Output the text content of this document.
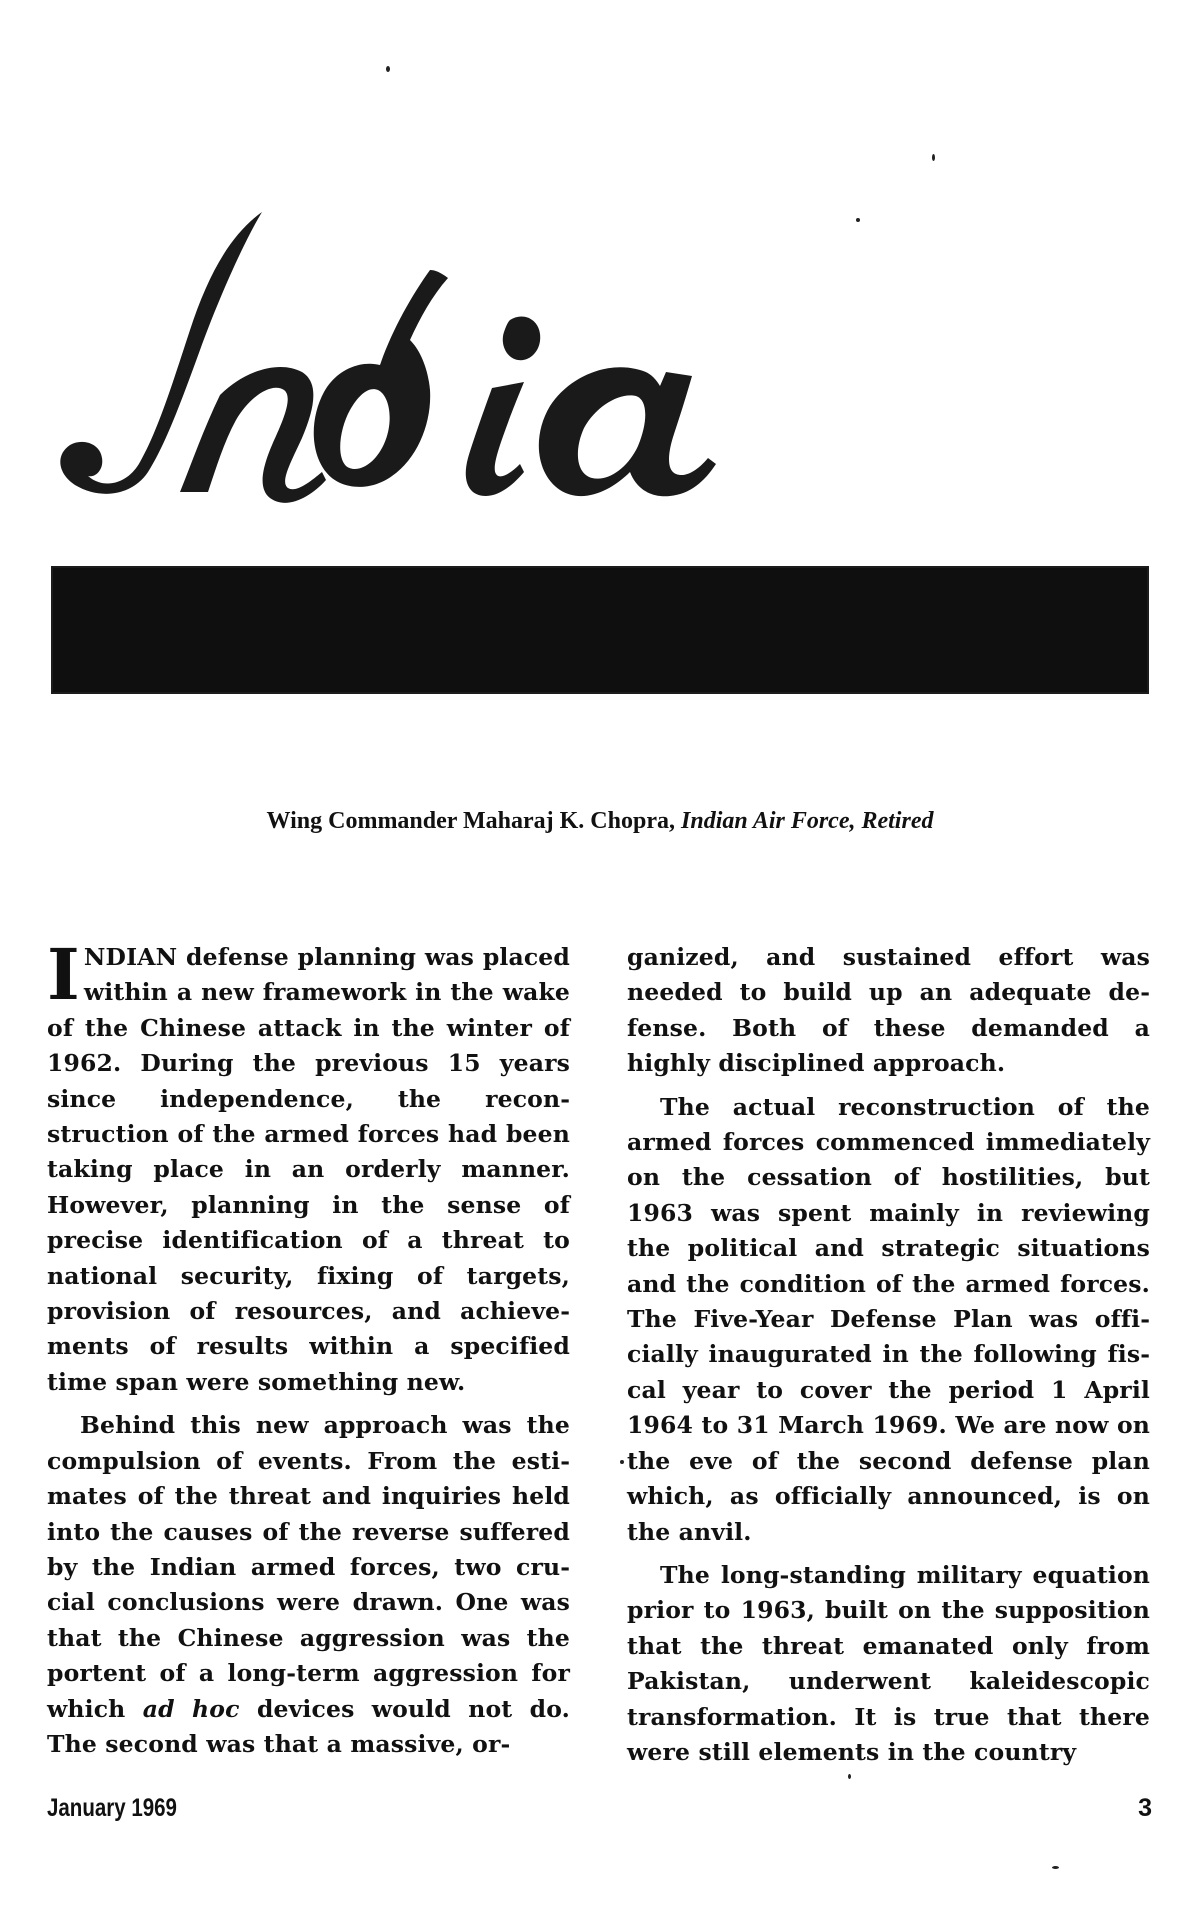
Wing Commander Maharaj K. Chopra, Indian Air Force, Retired

INDIAN defense planning was placed within a new framework in the wake of the Chinese attack in the winter of 1962. During the previous 15 years since independence, the reconstruction of the armed forces had been taking place in an orderly manner. However, planning in the sense of precise identification of a threat to national security, fixing of targets, provision of resources, and achievements of results within a specified time span were something new.

Behind this new approach was the compulsion of events. From the estimates of the threat and inquiries held into the causes of the reverse suffered by the Indian armed forces, two crucial conclusions were drawn. One was that the Chinese aggression was the portent of a long-term aggression for which ad hoc devices would not do. The second was that a massive, or-

ganized, and sustained effort was needed to build up an adequate defense. Both of these demanded a highly disciplined approach.

The actual reconstruction of the armed forces commenced immediately on the cessation of hostilities, but 1963 was spent mainly in reviewing the political and strategic situations and the condition of the armed forces. The Five-Year Defense Plan was officially inaugurated in the following fiscal year to cover the period 1 April 1964 to 31 March 1969. We are now on the eve of the second defense plan which, as officially announced, is on the anvil.

The long-standing military equation prior to 1963, built on the supposition that the threat emanated only from Pakistan, underwent kaleidescopic transformation. It is true that there were still elements in the country

January 1969	3
